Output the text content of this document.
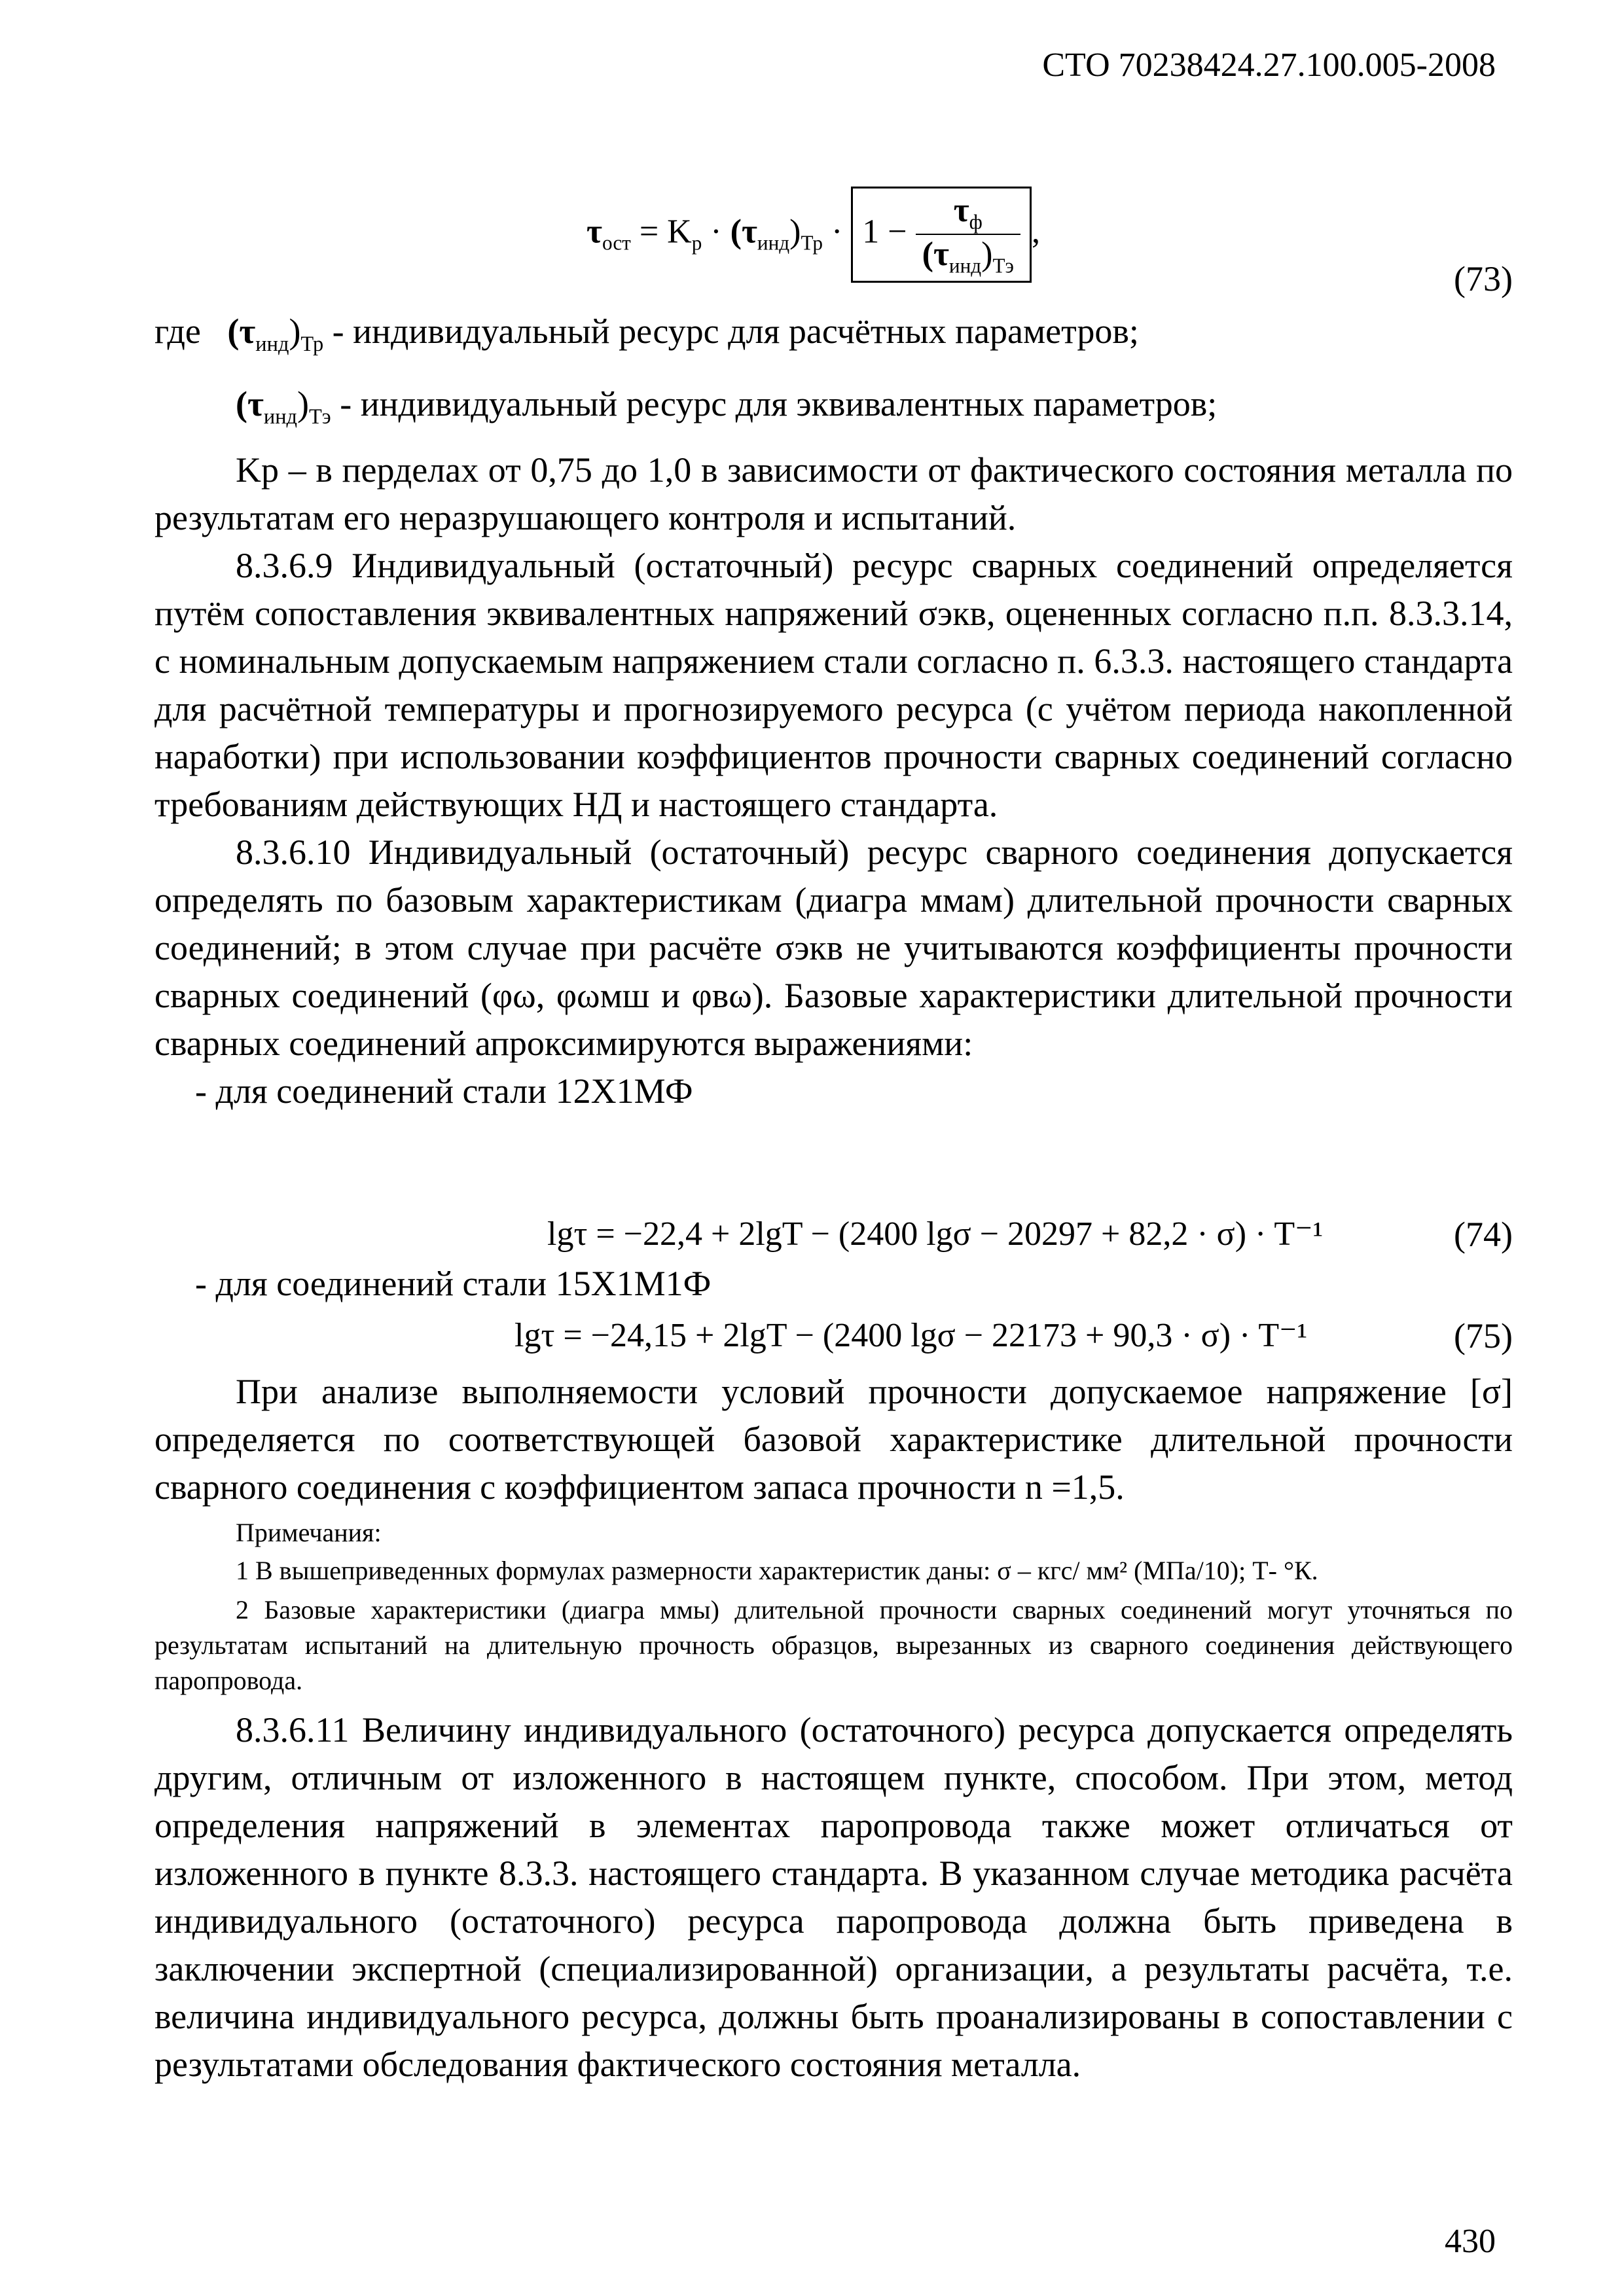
СТО 70238424.27.100.005-2008
$\tau_{ост} = K_р \cdot (\tau_{инд})_{Тр} \cdot 1 - \frac{\tau_ф}{(\tau_{инд})_{Тэ}}$ ,
(73)

где $(\tau_{инд})_{Тр}$ - индивидуальный ресурс для расчётных параметров;

$(\tau_{инд})_{Тэ}$ - индивидуальный ресурс для эквивалентных параметров;

Kр – в перделах от 0,75 до 1,0 в зависимости от фактического состояния металла по результатам его неразрушающего контроля и испытаний.

8.3.6.9 Индивидуальный (остаточный) ресурс сварных соединений определяется путём сопоставления эквивалентных напряжений σэкв, оцененных согласно п.п. 8.3.3.14, с номинальным допускаемым напряжением стали согласно п. 6.3.3. настоящего стандарта для расчётной температуры и прогнозируемого ресурса (с учётом периода накопленной наработки) при использовании коэффициентов прочности сварных соединений согласно требованиям действующих НД и настоящего стандарта.

8.3.6.10 Индивидуальный (остаточный) ресурс сварного соединения допускается определять по базовым характеристикам (диагра ммам) длительной прочности сварных соединений; в этом случае при расчёте σэкв не учитываются коэффициенты прочности сварных соединений (φω, φωмш и φвω). Базовые характеристики длительной прочности сварных соединений апроксимируются выражениями:

- для соединений стали 12Х1МФ

lgτ = −22,4 + 2lgT − (2400 lgσ − 20297 + 82,2 · σ) · T⁻¹	(74)

- для соединений стали 15Х1М1Ф

lgτ = −24,15 + 2lgT − (2400 lgσ − 22173 + 90,3 · σ) · T⁻¹	(75)

При анализе выполняемости условий прочности допускаемое напряжение [σ] определяется по соответствующей базовой характеристике длительной прочности сварного соединения с коэффициентом запаса прочности n =1,5.

Примечания:

1 В вышеприведенных формулах размерности характеристик даны: σ – кгс/ мм² (МПа/10); Т- °К.

2 Базовые характеристики (диагра ммы) длительной прочности сварных соединений могут уточняться по результатам испытаний на длительную прочность образцов, вырезанных из сварного соединения действующего паропровода.

8.3.6.11 Величину индивидуального (остаточного) ресурса допускается определять другим, отличным от изложенного в настоящем пункте, способом. При этом, метод определения напряжений в элементах паропровода также может отличаться от изложенного в пункте 8.3.3. настоящего стандарта. В указанном случае методика расчёта индивидуального (остаточного) ресурса паропровода должна быть приведена в заключении экспертной (специализированной) организации, а результаты расчёта, т.е. величина индивидуального ресурса, должны быть проанализированы в сопоставлении с результатами обследования фактического состояния металла.

430
